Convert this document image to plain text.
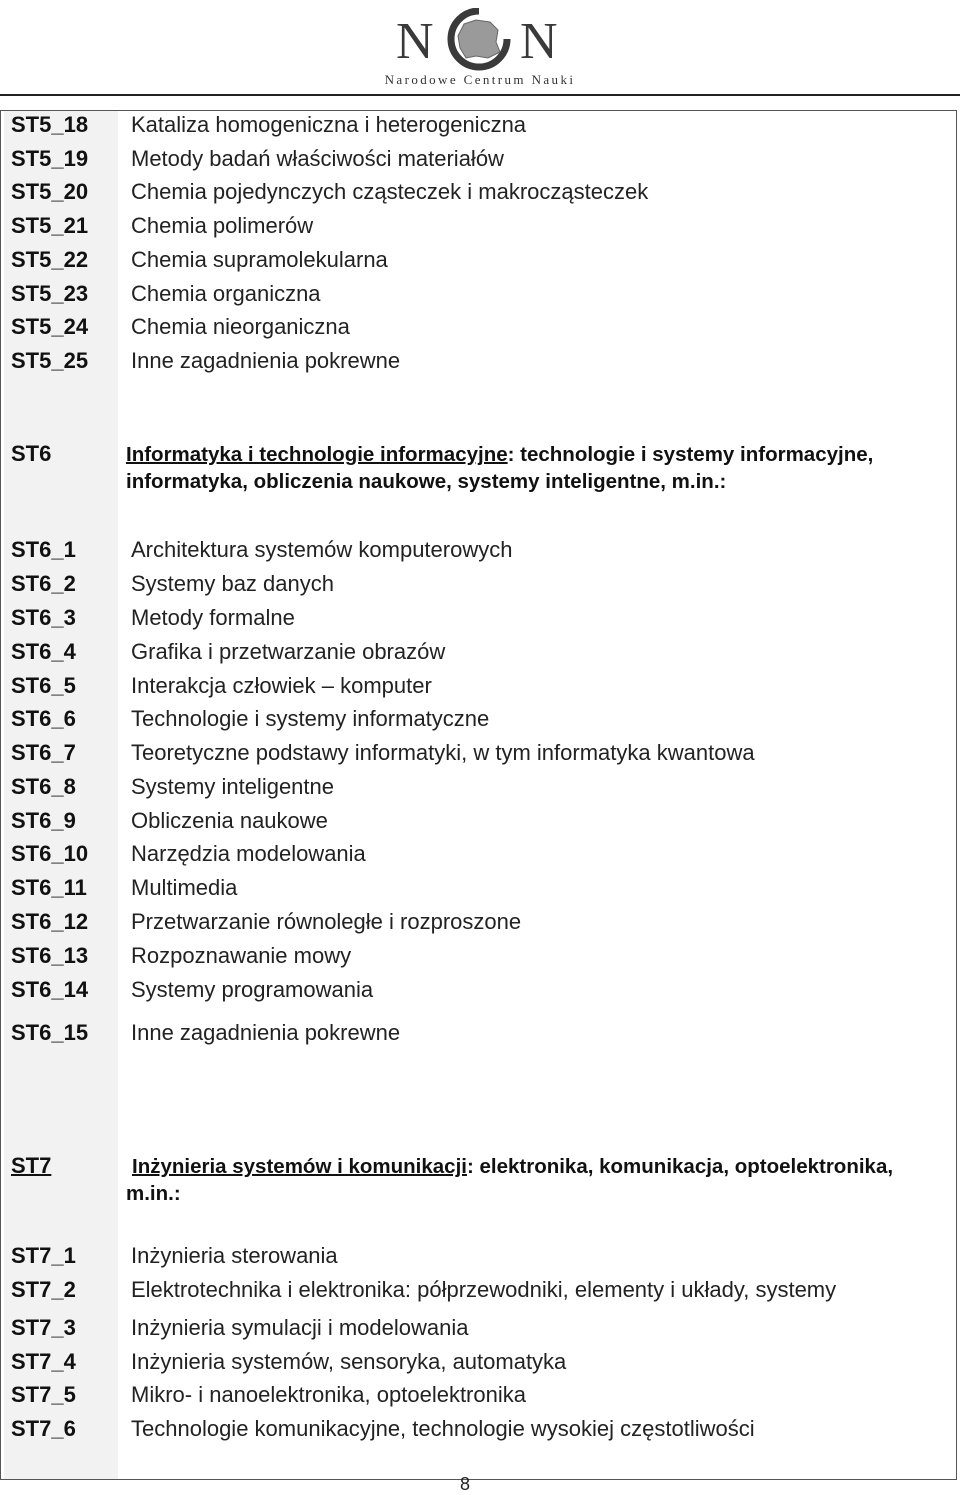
N N
Narodowe Centrum Nauki
ST5_18 Kataliza homogeniczna i heterogeniczna
ST5_19 Metody badań właściwości materiałów
ST5_20 Chemia pojedynczych cząsteczek i makrocząsteczek
ST5_21 Chemia polimerów
ST5_22 Chemia supramolekularna
ST5_23 Chemia organiczna
ST5_24 Chemia nieorganiczna
ST5_25 Inne zagadnienia pokrewne
ST6	Informatyka i technologie informacyjne: technologie i systemy informacyjne, informatyka, obliczenia naukowe, systemy inteligentne, m.in.:
ST6_1	Architektura systemów komputerowych
ST6_2	Systemy baz danych
ST6_3	Metody formalne
ST6_4	Grafika i przetwarzanie obrazów
ST6_5	Interakcja człowiek – komputer
ST6_6	Technologie i systemy informatyczne
ST6_7	Teoretyczne podstawy informatyki, w tym informatyka kwantowa
ST6_8	Systemy inteligentne
ST6_9	Obliczenia naukowe
ST6_10 Narzędzia modelowania
ST6_11 Multimedia
ST6_12 Przetwarzanie równoległe i rozproszone
ST6_13 Rozpoznawanie mowy
ST6_14 Systemy programowania
ST6_15 Inne zagadnienia pokrewne
ST7	Inżynieria systemów i komunikacji: elektronika, komunikacja, optoelektronika, m.in.:
ST7_1	Inżynieria sterowania
ST7_2	Elektrotechnika i elektronika: półprzewodniki, elementy i układy, systemy
ST7_3	Inżynieria symulacji i modelowania
ST7_4	Inżynieria systemów, sensoryka, automatyka
ST7_5	Mikro- i nanoelektronika, optoelektronika
ST7_6	Technologie komunikacyjne, technologie wysokiej częstotliwości
8
